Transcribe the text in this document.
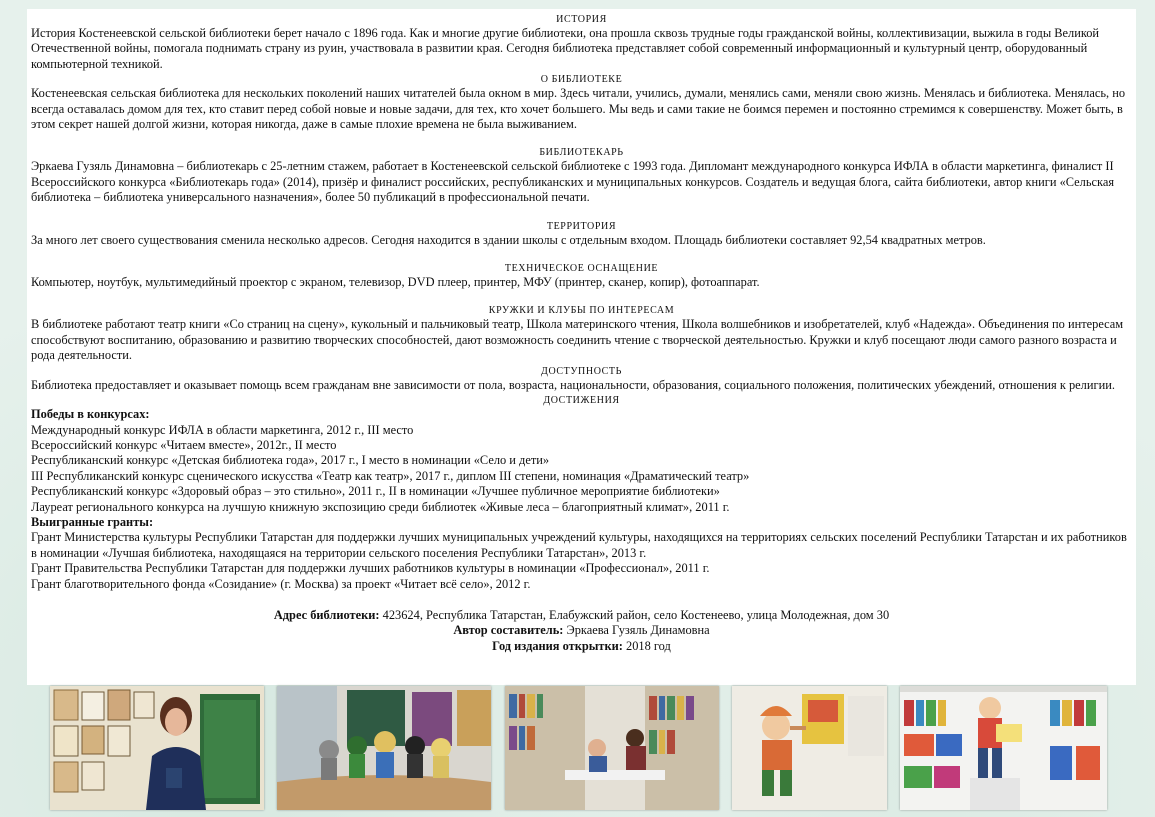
ИСТОРИЯ

История Костенеевской сельской библиотеки берет начало с 1896 года. Как и многие другие библиотеки, она прошла сквозь трудные годы гражданской войны, коллективизации, выжила в годы Великой Отечественной войны, помогала поднимать страну из руин, участвовала в развитии края. Сегодня библиотека представляет собой современный информационный и культурный центр, оборудованный компьютерной техникой.

О БИБЛИОТЕКЕ

Костенеевская сельская библиотека для нескольких поколений наших читателей была окном в мир. Здесь читали, учились, думали, менялись сами, меняли свою жизнь. Менялась и библиотека. Менялась, но всегда оставалась домом для тех, кто ставит перед собой новые и новые задачи, для тех, кто хочет большего. Мы ведь и сами такие не боимся перемен и постоянно стремимся к совершенству. Может быть, в этом секрет нашей долгой жизни, которая никогда, даже в самые плохие времена не была выживанием.

БИБЛИОТЕКАРЬ

Эркаева Гузяль Динамовна – библиотекарь с 25-летним стажем, работает в Костенеевской сельской библиотеке с 1993 года. Дипломант международного конкурса ИФЛА в области маркетинга, финалист II Всероссийского конкурса «Библиотекарь года» (2014), призёр и финалист российских, республиканских и муниципальных конкурсов. Создатель и ведущая блога, сайта библиотеки, автор книги «Сельская библиотека – библиотека универсального назначения», более 50 публикаций в профессиональной печати.

ТЕРРИТОРИЯ

За много лет своего существования сменила несколько адресов. Сегодня находится в здании школы с отдельным входом. Площадь библиотеки составляет 92,54 квадратных метров.

ТЕХНИЧЕСКОЕ ОСНАЩЕНИЕ

Компьютер, ноутбук, мультимедийный проектор с экраном, телевизор, DVD плеер, принтер, МФУ (принтер, сканер, копир), фотоаппарат.

КРУЖКИ И КЛУБЫ ПО ИНТЕРЕСАМ

В библиотеке работают театр книги «Со страниц на сцену», кукольный и пальчиковый театр, Школа материнского чтения, Школа волшебников и изобретателей, клуб «Надежда». Объединения по интересам способствуют воспитанию, образованию и развитию творческих способностей, дают возможность соединить чтение с творческой деятельностью. Кружки и клуб посещают люди самого разного возраста и рода деятельности.

ДОСТУПНОСТЬ

Библиотека предоставляет и оказывает помощь всем гражданам вне зависимости от пола, возраста, национальности, образования, социального положения, политических убеждений, отношения к религии.

ДОСТИЖЕНИЯ

Победы в конкурсах:

Международный конкурс ИФЛА в области маркетинга, 2012 г., III место

Всероссийский конкурс «Читаем вместе», 2012г., II место

Республиканский конкурс «Детская библиотека года», 2017 г., I место в номинации «Село и дети»

III Республиканский конкурс сценического искусства «Театр как театр», 2017 г., диплом III степени, номинация «Драматический театр»

Республиканский конкурс «Здоровый образ – это стильно», 2011 г., II в номинации «Лучшее публичное мероприятие библиотеки»

Лауреат регионального конкурса на лучшую книжную экспозицию среди библиотек «Живые леса – благоприятный климат», 2011 г.

Выигранные гранты:

Грант Министерства культуры Республики Татарстан для поддержки лучших муниципальных учреждений культуры, находящихся на территориях сельских поселений Республики Татарстан и их работников в номинации «Лучшая библиотека, находящаяся на территории сельского поселения Республики Татарстан», 2013 г.

Грант Правительства Республики Татарстан для поддержки лучших работников культуры в номинации «Профессионал», 2011 г.

Грант благотворительного фонда «Созидание» (г. Москва) за проект «Читает всё село», 2012 г.

Адрес библиотеки: 423624, Республика Татарстан, Елабужский район, село Костенеево, улица Молодежная, дом 30
Автор составитель: Эркаева Гузяль Динамовна
Год издания открытки: 2018 год
